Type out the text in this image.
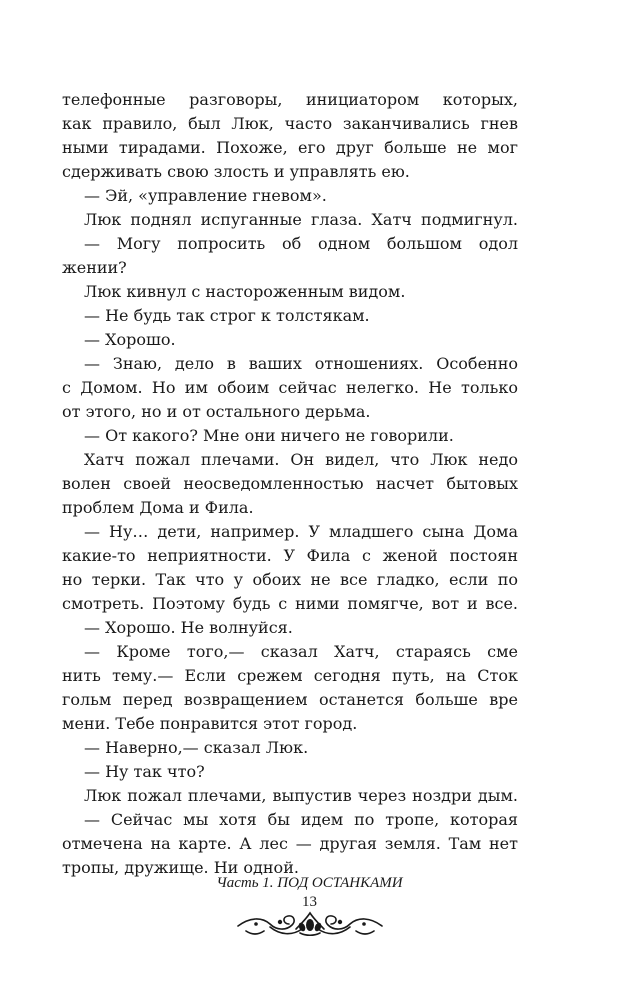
телефонные разговоры, инициатором которых,
как правило, был Люк, часто заканчивались гнев
ными тирадами. Похоже, его друг больше не мог
сдерживать свою злость и управлять ею.
— Эй, «управление гневом».
Люк поднял испуганные глаза. Хатч подмигнул.
— Могу попросить об одном большом одол
жении?
Люк кивнул с настороженным видом.
— Не будь так строг к толстякам.
— Хорошо.
— Знаю, дело в ваших отношениях. Особенно
с Домом. Но им обоим сейчас нелегко. Не только
от этого, но и от остального дерьма.
— От какого? Мне они ничего не говорили.
Хатч пожал плечами. Он видел, что Люк недо
волен своей неосведомленностью насчет бытовых
проблем Дома и Фила.
— Ну… дети, например. У младшего сына Дома
какие-то неприятности. У Фила с женой постоян
но терки. Так что у обоих не все гладко, если по
смотреть. Поэтому будь с ними помягче, вот и все.
— Хорошо. Не волнуйся.
— Кроме того,— сказал Хатч, стараясь сме
нить тему.— Если срежем сегодня путь, на Сток
гольм перед возвращением останется больше вре
мени. Тебе понравится этот город.
— Наверно,— сказал Люк.
— Ну так что?
Люк пожал плечами, выпустив через ноздри дым.
— Сейчас мы хотя бы идем по тропе, которая
отмечена на карте. А лес — другая земля. Там нет
тропы, дружище. Ни одной.
Часть 1. ПОД ОСТАНКАМИ
13
